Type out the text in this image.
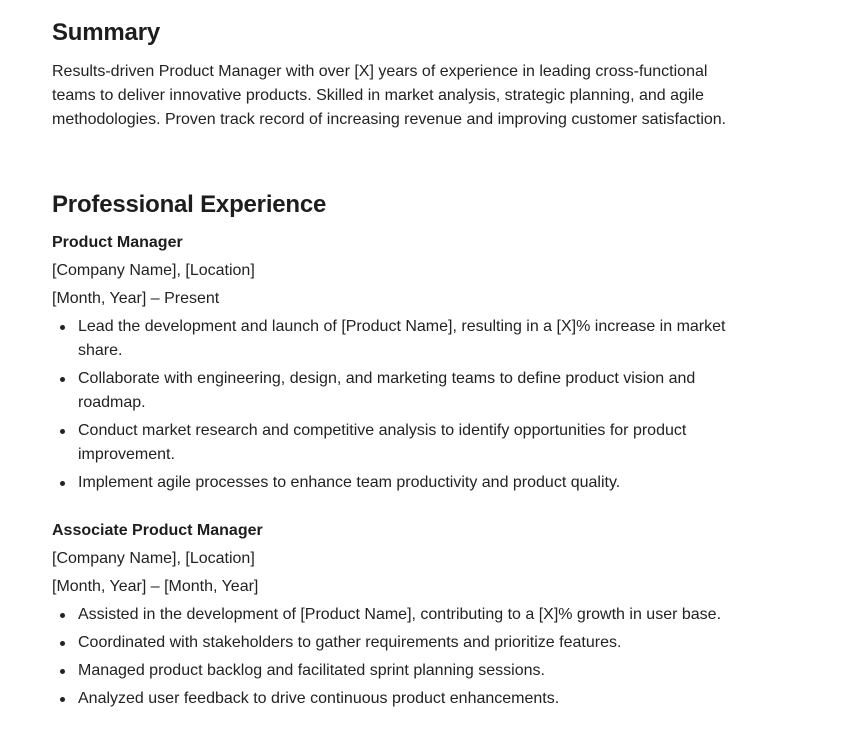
Summary

Results-driven Product Manager with over [X] years of experience in leading cross-functional teams to deliver innovative products. Skilled in market analysis, strategic planning, and agile methodologies. Proven track record of increasing revenue and improving customer satisfaction.

Professional Experience
Product Manager
[Company Name], [Location]
[Month, Year] – Present
Lead the development and launch of [Product Name], resulting in a [X]% increase in market share.
Collaborate with engineering, design, and marketing teams to define product vision and roadmap.
Conduct market research and competitive analysis to identify opportunities for product improvement.
Implement agile processes to enhance team productivity and product quality.
Associate Product Manager
[Company Name], [Location]
[Month, Year] – [Month, Year]
Assisted in the development of [Product Name], contributing to a [X]% growth in user base.
Coordinated with stakeholders to gather requirements and prioritize features.
Managed product backlog and facilitated sprint planning sessions.
Analyzed user feedback to drive continuous product enhancements.
